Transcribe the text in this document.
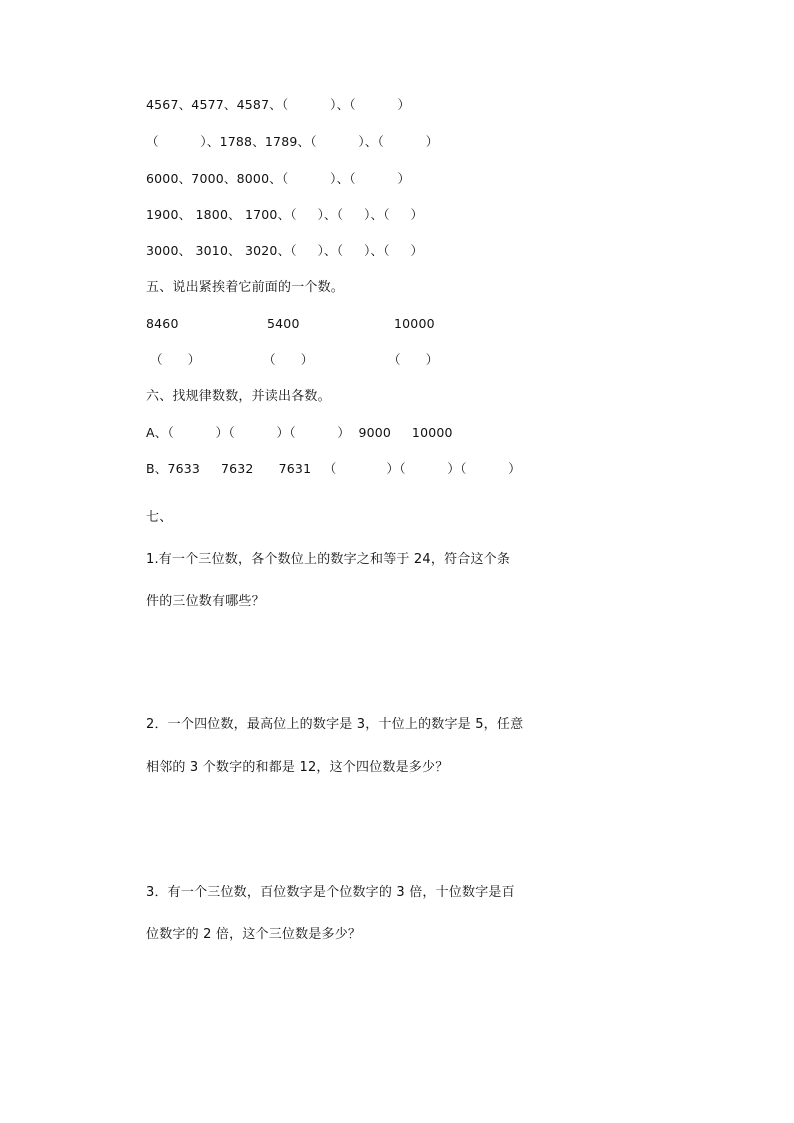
4567、4577、4587、（          ）、（          ）
（          ）、1788、1789、（          ）、（          ）
6000、7000、8000、（          ）、（          ）
1900、 1800、 1700、（     ）、（     ）、（     ）
3000、 3010、 3020、（     ）、（     ）、（     ）
五、说出紧挨着它前面的一个数。
8460	5400	10000
（      ）	（      ）	（      ）
六、找规律数数，并读出各数。
A、（          ）（          ）（          ）  9000     10000
B、7633     7632      7631   （            ）（          ）（          ）
七、
1.有一个三位数，各个数位上的数字之和等于 24，符合这个条
件的三位数有哪些？
2．一个四位数，最高位上的数字是 3，十位上的数字是 5，任意
相邻的 3 个数字的和都是 12，这个四位数是多少？
3．有一个三位数，百位数字是个位数字的 3 倍，十位数字是百
位数字的 2 倍，这个三位数是多少？
